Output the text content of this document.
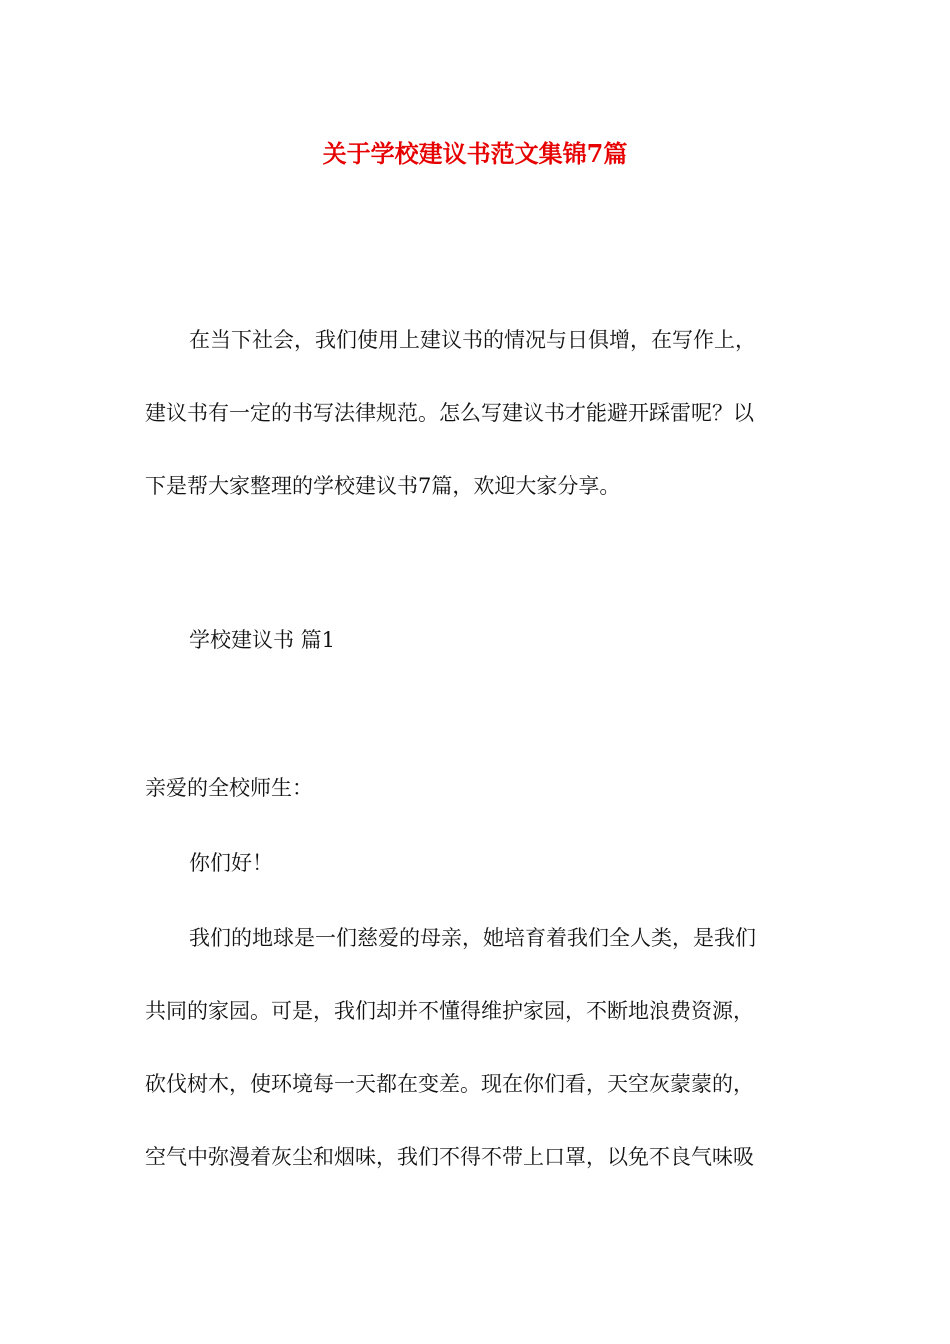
关于学校建议书范文集锦7篇
在当下社会，我们使用上建议书的情况与日俱增，在写作上，
建议书有一定的书写法律规范。怎么写建议书才能避开踩雷呢？以
下是帮大家整理的学校建议书7篇，欢迎大家分享。
学校建议书 篇1
亲爱的全校师生：
你们好！
我们的地球是一们慈爱的母亲，她培育着我们全人类，是我们
共同的家园。可是，我们却并不懂得维护家园，不断地浪费资源，
砍伐树木，使环境每一天都在变差。现在你们看，天空灰蒙蒙的，
空气中弥漫着灰尘和烟味，我们不得不带上口罩，以免不良气味吸
